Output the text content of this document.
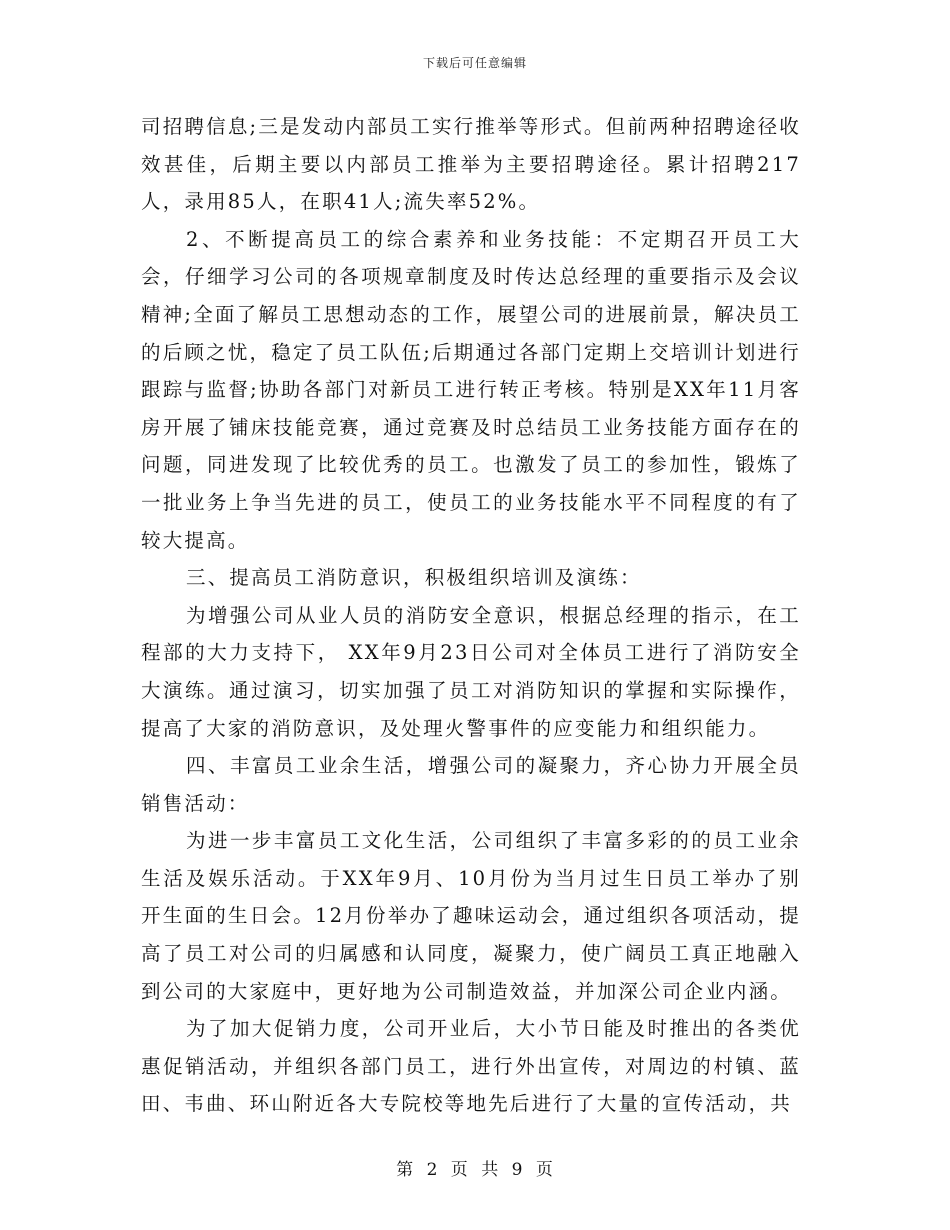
下载后可任意编辑

司招聘信息;三是发动内部员工实行推举等形式。但前两种招聘途径收效甚佳，后期主要以内部员工推举为主要招聘途径。累计招聘217人，录用85人，在职41人;流失率52%。

2、不断提高员工的综合素养和业务技能：不定期召开员工大会，仔细学习公司的各项规章制度及时传达总经理的重要指示及会议精神;全面了解员工思想动态的工作，展望公司的进展前景，解决员工的后顾之忧，稳定了员工队伍;后期通过各部门定期上交培训计划进行跟踪与监督;协助各部门对新员工进行转正考核。特别是XX年11月客房开展了铺床技能竞赛，通过竞赛及时总结员工业务技能方面存在的问题，同进发现了比较优秀的员工。也激发了员工的参加性，锻炼了一批业务上争当先进的员工，使员工的业务技能水平不同程度的有了较大提高。

三、提高员工消防意识，积极组织培训及演练：

为增强公司从业人员的消防安全意识，根据总经理的指示，在工程部的大力支持下， XX年9月23日公司对全体员工进行了消防安全大演练。通过演习，切实加强了员工对消防知识的掌握和实际操作，提高了大家的消防意识，及处理火警事件的应变能力和组织能力。

四、丰富员工业余生活，增强公司的凝聚力，齐心协力开展全员销售活动：

为进一步丰富员工文化生活，公司组织了丰富多彩的的员工业余生活及娱乐活动。于XX年9月、10月份为当月过生日员工举办了别开生面的生日会。12月份举办了趣味运动会，通过组织各项活动，提高了员工对公司的归属感和认同度，凝聚力，使广阔员工真正地融入到公司的大家庭中，更好地为公司制造效益，并加深公司企业内涵。

为了加大促销力度，公司开业后，大小节日能及时推出的各类优惠促销活动，并组织各部门员工，进行外出宣传，对周边的村镇、蓝田、韦曲、环山附近各大专院校等地先后进行了大量的宣传活动，共

第 2 页 共 9 页
